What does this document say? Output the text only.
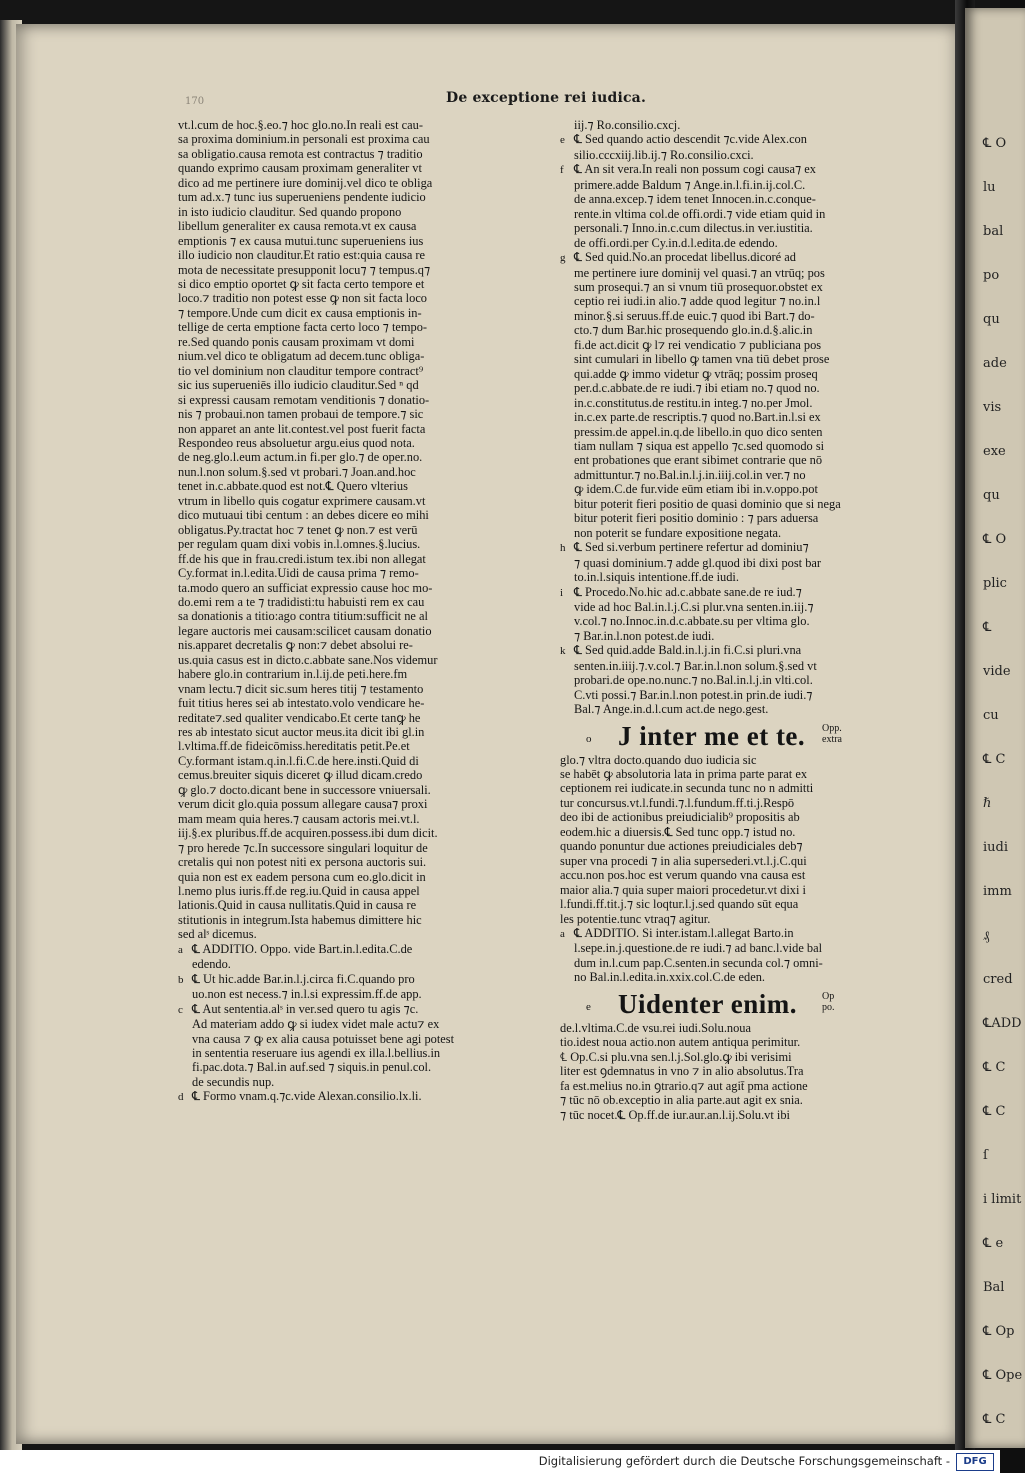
℄ O
lu
bal
po
qu
ade
vis
exe
qu
℄ O
plic
℄
vide
cu
℄ C
ℏ
iudi
imm
₰
cred
℄ADD
℄ C
℄ C
ſ
i limit
℄ e
Bal
℄ Op
℄ Ope
℄ C
170	De exceptione rei iudica.
vt.l.cum de hoc.§.eo.⁊ hoc glo.no.In reali est cau-
sa proxima dominium.in personali est proxima cau
sa obligatio.causa remota est contractus ⁊ traditio
quando exprimo causam proximam generaliter vt
dico ad me pertinere iure dominij.vel dico te obliga
tum ad.x.⁊ tunc ius superueniens pendente iudicio
in isto iudicio clauditur. Sed quando propono
libellum generaliter ex causa remota.vt ex causa
emptionis ⁊ ex causa mutui.tunc superueniens ius
illo iudicio non clauditur.Et ratio est:quia causa re
mota de necessitate presupponit locu⁊ ⁊ tempus.q⁊
si dico emptio oportet ꝙ sit facta certo tempore et
loco.⁊ traditio non potest esse ꝙ non sit facta loco
⁊ tempore.Unde cum dicit ex causa emptionis in-
tellige de certa emptione facta certo loco ⁊ tempo-
re.Sed quando ponis causam proximam vt domi
nium.vel dico te obligatum ad decem.tunc obliga-
tio vel dominium non clauditur tempore contract⁹
sic ius superueniēs illo iudicio clauditur.Sed ⁿ qd
si expressi causam remotam venditionis ⁊ donatio-
nis ⁊ probaui.non tamen probaui de tempore.⁊ sic
non apparet an ante lit.contest.vel post fuerit facta
Respondeo reus absoluetur argu.eius quod nota.
de neg.glo.l.eum actum.in fi.per glo.⁊ de oper.no.
nun.l.non solum.§.sed vt probari.⁊ Joan.and.hoc
tenet in.c.abbate.quod est not.℄ Quero vlterius
vtrum in libello quis cogatur exprimere causam.vt
dico mutuaui tibi centum : an debes dicere eo mihi
obligatus.Py.tractat hoc ⁊ tenet ꝙ non.⁊ est verū
per regulam quam dixi vobis in.l.omnes.§.lucius.
ff.de his que in frau.credi.istum tex.ibi non allegat
Cy.format in.l.edita.Uidi de causa prima ⁊ remo-
ta.modo quero an sufficiat expressio cause hoc mo-
do.emi rem a te ⁊ tradidisti:tu habuisti rem ex cau
sa donationis a titio:ago contra titium:sufficit ne al
legare auctoris mei causam:scilicet causam donatio
nis.apparet decretalis ꝙ non:⁊ debet absolui re-
us.quia casus est in dicto.c.abbate sane.Nos videmur
habere glo.in contrarium in.l.ij.de peti.here.fm
vnam lectu.⁊ dicit sic.sum heres titij ⁊ testamento
fuit titius heres sei ab intestato.volo vendicare he-
reditate⁊.sed qualiter vendicabo.Et certe tanꝙ he
res ab intestato sicut auctor meus.ita dicit ibi gl.in
l.vltima.ff.de fideicōmiss.hereditatis petit.Pe.et
Cy.formant istam.q.in.l.fi.C.de here.insti.Quid di
cemus.breuiter siquis diceret ꝙ illud dicam.credo
ꝙ glo.⁊ docto.dicant bene in successore vniuersali.
verum dicit glo.quia possum allegare causa⁊ proxi
mam meam quia heres.⁊ causam actoris mei.vt.l.
iij.§.ex pluribus.ff.de acquiren.possess.ibi dum dicit.
⁊ pro herede ⁊c.In successore singulari loquitur de
cretalis qui non potest niti ex persona auctoris sui.
quia non est ex eadem persona cum eo.glo.dicit in
l.nemo plus iuris.ff.de reg.iu.Quid in causa appel
lationis.Quid in causa nullitatis.Quid in causa re
stitutionis in integrum.Ista habemus dimittere hic
sed alˢ dicemus.
a ℄ ADDITIO. Oppo. vide Bart.in.l.edita.C.de
edendo.
b ℄ Ut hic.adde Bar.in.l.j.circa fi.C.quando pro
uo.non est necess.⁊ in.l.si expressim.ff.de app.
c ℄ Aut sententia.alˢ in ver.sed quero tu agis ⁊c.
Ad materiam addo ꝙ si iudex videt male actu⁊ ex
vna causa ⁊ ꝙ ex alia causa potuisset bene agi potest
in sententia reseruare ius agendi ex illa.l.bellius.in
fi.pac.dota.⁊ Bal.in auf.sed ⁊ siquis.in penul.col.
de secundis nup.
d ℄ Formo vnam.q.⁊c.vide Alexan.consilio.lx.li.
iij.⁊ Ro.consilio.cxcj.
e ℄ Sed quando actio descendit ⁊c.vide Alex.con
silio.cccxiij.lib.ij.⁊ Ro.consilio.cxci.
f ℄ An sit vera.In reali non possum cogi causa⁊ ex
primere.adde Baldum ⁊ Ange.in.l.fi.in.ij.col.C.
de anna.excep.⁊ idem tenet Innocen.in.c.conque-
rente.in vltima col.de offi.ordi.⁊ vide etiam quid in
personali.⁊ Inno.in.c.cum dilectus.in ver.iustitia.
de offi.ordi.per Cy.in.d.l.edita.de edendo.
g ℄ Sed quid.No.an procedat libellus.dicoré ad
me pertinere iure dominij vel quasi.⁊ an vtrūq; pos
sum prosequi.⁊ an si vnum tiū prosequor.obstet ex
ceptio rei iudi.in alio.⁊ adde quod legitur ⁊ no.in.l
minor.§.si seruus.ff.de euic.⁊ quod ibi Bart.⁊ do-
cto.⁊ dum Bar.hic prosequendo glo.in.d.§.alic.in
fi.de act.dicit ꝙ l⁊ rei vendicatio ⁊ publiciana pos
sint cumulari in libello ꝙ tamen vna tiū debet prose
qui.adde ꝙ immo videtur ꝙ vtrāq; possim proseq
per.d.c.abbate.de re iudi.⁊ ibi etiam no.⁊ quod no.
in.c.constitutus.de restitu.in integ.⁊ no.per Jmol.
in.c.ex parte.de rescriptis.⁊ quod no.Bart.in.l.si ex
pressim.de appel.in.q.de libello.in quo dico senten
tiam nullam ⁊ siqua est appello ⁊c.sed quomodo si
ent probationes que erant sibimet contrarie que nō
admittuntur.⁊ no.Bal.in.l.j.in.iiij.col.in ver.⁊ no
ꝙ idem.C.de fur.vide eūm etiam ibi in.v.oppo.pot
bitur poterit fieri positio de quasi dominio que si nega
bitur poterit fieri positio dominio : ⁊ pars aduersa
non poterit se fundare expositione negata.
h ℄ Sed si.verbum pertinere refertur ad dominiu⁊
⁊ quasi dominium.⁊ adde gl.quod ibi dixi post bar
to.in.l.siquis intentione.ff.de iudi.
i ℄ Procedo.No.hic ad.c.abbate sane.de re iud.⁊
vide ad hoc Bal.in.l.j.C.si plur.vna senten.in.iij.⁊
v.col.⁊ no.Innoc.in.d.c.abbate.su per vltima glo.
⁊ Bar.in.l.non potest.de iudi.
k ℄ Sed quid.adde Bald.in.l.j.in fi.C.si pluri.vna
senten.in.iiij.⁊.v.col.⁊ Bar.in.l.non solum.§.sed vt
probari.de ope.no.nunc.⁊ no.Bal.in.l.j.in vlti.col.
C.vti possi.⁊ Bar.in.l.non potest.in prin.de iudi.⁊
Bal.⁊ Ange.in.d.l.cum act.de nego.gest.
o J inter me et te. Opp.
extra
glo.⁊ vltra docto.quando duo iudicia sic
se habēt ꝙ absolutoria lata in prima parte parat ex
ceptionem rei iudicate.in secunda tunc no n admitti
tur concursus.vt.l.fundi.⁊.l.fundum.ff.ti.j.Respō
deo ibi de actionibus preiudicialib⁹ propositis ab
eodem.hic a diuersis.℄ Sed tunc opp.⁊ istud no.
quando ponuntur due actiones preiudiciales deb⁊
super vna procedi ⁊ in alia supersederi.vt.l.j.C.qui
accu.non pos.hoc est verum quando vna causa est
maior alia.⁊ quia super maiori procedetur.vt dixi i
l.fundi.ff.tit.j.⁊ sic loqtur.l.j.sed quando sūt equa
les potentie.tunc vtraq⁊ agitur.
a ℄ ADDITIO. Si inter.istam.l.allegat Barto.in
l.sepe.in.j.questione.de re iudi.⁊ ad banc.l.vide bal
dum in.l.cum pap.C.senten.in secunda col.⁊ omni-
no Bal.in.l.edita.in.xxix.col.C.de eden.
e Uidenter enim.	Op
po.
de.l.vltima.C.de vsu.rei iudi.Solu.noua
tio.idest noua actio.non autem antiqua perimitur.
℄ Op.C.si plu.vna sen.l.j.Sol.glo.ꝙ ibi verisimi
liter est ꝯdemnatus in vno ⁊ in alio absolutus.Tra
fa est.melius no.in ꝯtrario.q⁊ aut agit̄ pma actione
⁊ tūc nō ob.exceptio in alia parte.aut agit ex snia.
⁊ tūc nocet.℄ Op.ff.de iur.aur.an.l.ij.Solu.vt ibi
Digitalisierung gefördert durch die Deutsche Forschungsgemeinschaft -	DFG
